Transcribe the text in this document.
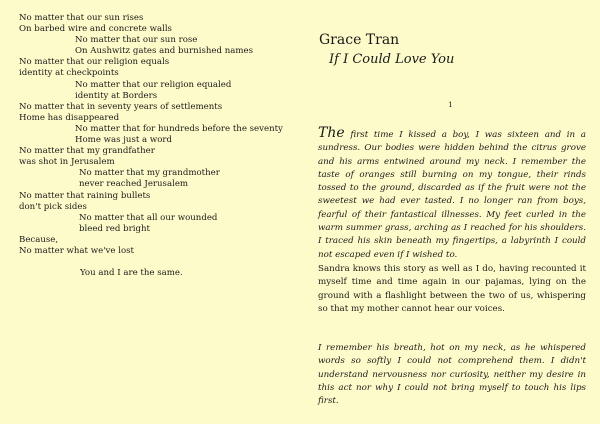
No matter that our sun rises
On barbed wire and concrete walls
No matter that our sun rose
On Aushwitz gates and burnished names
No matter that our religion equals
identity at checkpoints
No matter that our religion equaled
identity at Borders
No matter that in seventy years of settlements
Home has disappeared
No matter that for hundreds before the seventy
Home was just a word
No matter that my grandfather
was shot in Jerusalem
No matter that my grandmother
never reached Jerusalem
No matter that raining bullets
don't pick sides
No matter that all our wounded
bleed red bright
Because,
No matter what we've lost
You and I are the same.
Grace Tran
If I Could Love You
1
The first time I kissed a boy, I was sixteen and in a sundress. Our bodies were hidden behind the citrus grove and his arms entwined around my neck. I remember the taste of oranges still burning on my tongue, their rinds tossed to the ground, discarded as if the fruit were not the sweetest we had ever tasted. I no longer ran from boys, fearful of their fantastical illnesses. My feet curled in the warm summer grass, arching as I reached for his shoulders. I traced his skin beneath my fingertips, a labyrinth I could not escaped even if I wished to.
Sandra knows this story as well as I do, having recounted it myself time and time again in our pajamas, lying on the ground with a flashlight between the two of us, whispering so that my mother cannot hear our voices.
I remember his breath, hot on my neck, as he whispered words so softly I could not comprehend them. I didn't understand nervousness nor curiosity, neither my desire in this act nor why I could not bring myself to touch his lips first.
